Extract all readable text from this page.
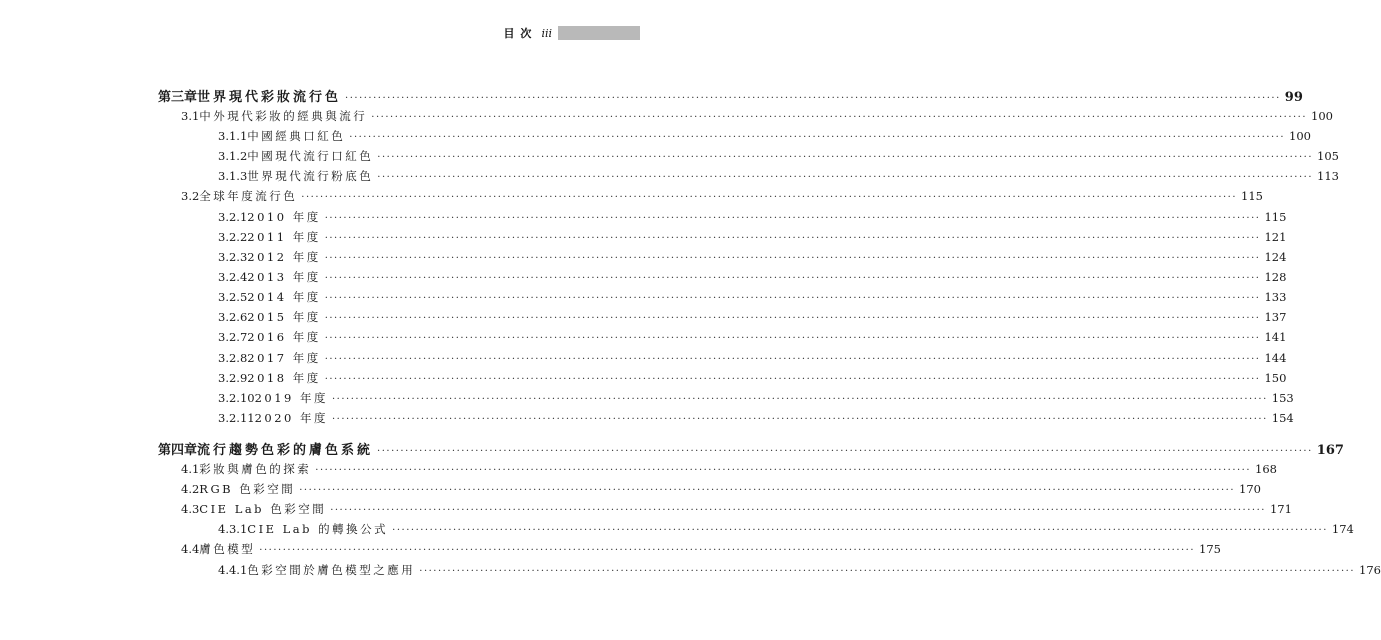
目次 iii
第三章 世界現代彩妝流行色 ········································································································································································································ 99
3.1 中外現代彩妝的經典與流行 ········································································································································································································ 100
3.1.1 中國經典口紅色 ········································································································································································································ 100
3.1.2 中國現代流行口紅色 ········································································································································································································ 105
3.1.3 世界現代流行粉底色 ········································································································································································································ 113
3.2 全球年度流行色 ········································································································································································································ 115
3.2.1 2010 年度 ········································································································································································································ 115
3.2.2 2011 年度 ········································································································································································································ 121
3.2.3 2012 年度 ········································································································································································································ 124
3.2.4 2013 年度 ········································································································································································································ 128
3.2.5 2014 年度 ········································································································································································································ 133
3.2.6 2015 年度 ········································································································································································································ 137
3.2.7 2016 年度 ········································································································································································································ 141
3.2.8 2017 年度 ········································································································································································································ 144
3.2.9 2018 年度 ········································································································································································································ 150
3.2.10 2019 年度 ········································································································································································································ 153
3.2.11 2020 年度 ········································································································································································································ 154
第四章 流行趨勢色彩的膚色系統 ········································································································································································································ 167
4.1 彩妝與膚色的探索 ········································································································································································································ 168
4.2 RGB 色彩空間 ········································································································································································································ 170
4.3 CIE Lab 色彩空間 ········································································································································································································ 171
4.3.1 CIE Lab 的轉換公式 ········································································································································································································ 174
4.4 膚色模型 ········································································································································································································ 175
4.4.1 色彩空間於膚色模型之應用 ········································································································································································································ 176
